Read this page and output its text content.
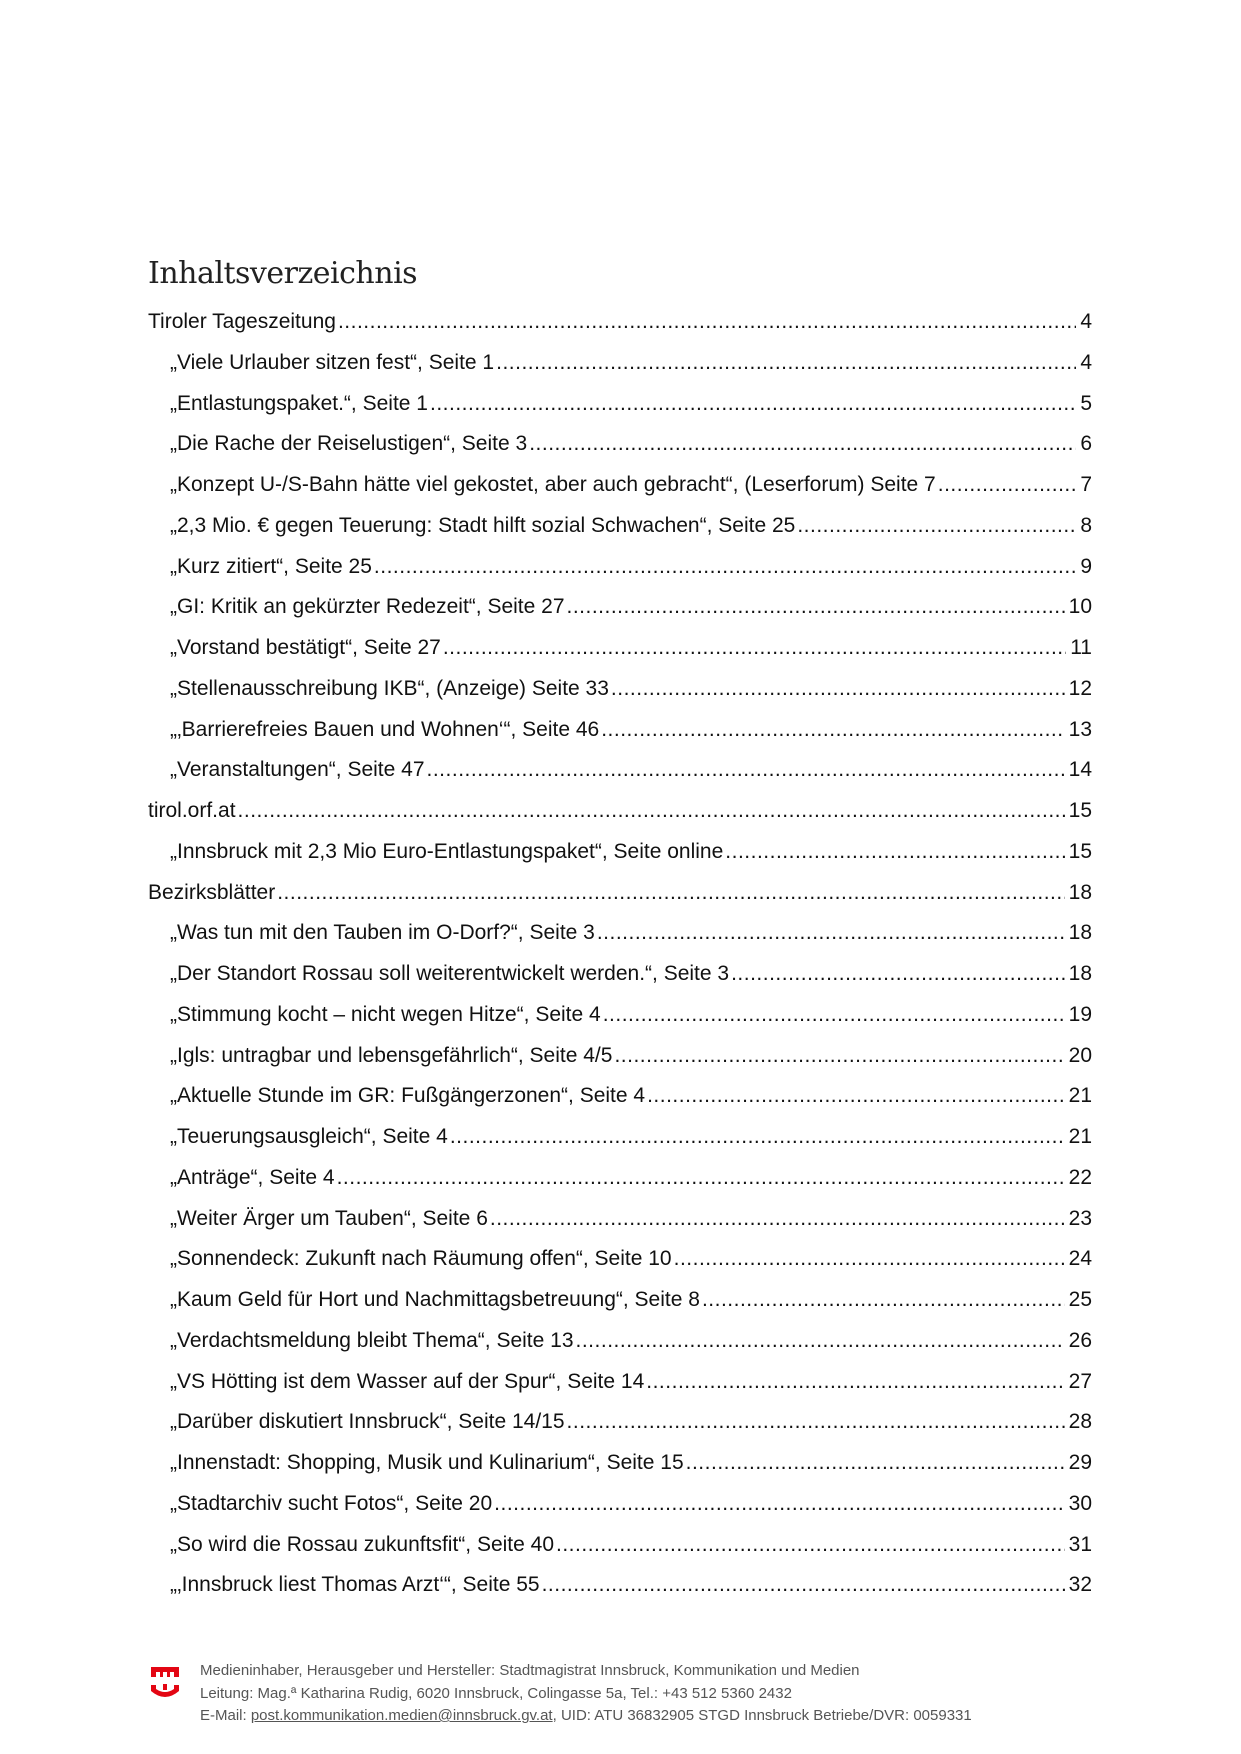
Inhaltsverzeichnis
Tiroler Tageszeitung .....	4
„Viele Urlauber sitzen fest“, Seite 1 .....	4
„Entlastungspaket.“, Seite 1 .....	5
„Die Rache der Reiselustigen“, Seite 3 .....	6
„Konzept U-/S-Bahn hätte viel gekostet, aber auch gebracht“, (Leserforum) Seite 7 .....	7
„2,3 Mio. € gegen Teuerung: Stadt hilft sozial Schwachen“, Seite 25 .....	8
„Kurz zitiert“, Seite 25 .....	9
„GI: Kritik an gekürzter Redezeit“, Seite 27 .....	10
„Vorstand bestätigt“, Seite 27 .....	11
„Stellenausschreibung IKB“, (Anzeige) Seite 33 .....	12
„‚Barrierefreies Bauen und Wohnen‘“, Seite 46 .....	13
„Veranstaltungen“, Seite 47 .....	14
tirol.orf.at .....	15
„Innsbruck mit 2,3 Mio Euro-Entlastungspaket“, Seite online .....	15
Bezirksblätter .....	18
„Was tun mit den Tauben im O-Dorf?“, Seite 3 .....	18
„Der Standort Rossau soll weiterentwickelt werden.“, Seite 3 .....	18
„Stimmung kocht – nicht wegen Hitze“, Seite 4 .....	19
„Igls: untragbar und lebensgefährlich“, Seite 4/5 .....	20
„Aktuelle Stunde im GR: Fußgängerzonen“, Seite 4 .....	21
„Teuerungsausgleich“, Seite 4 .....	21
„Anträge“, Seite 4 .....	22
„Weiter Ärger um Tauben“, Seite 6 .....	23
„Sonnendeck: Zukunft nach Räumung offen“, Seite 10 .....	24
„Kaum Geld für Hort und Nachmittagsbetreuung“, Seite 8 .....	25
„Verdachtsmeldung bleibt Thema“, Seite 13 .....	26
„VS Hötting ist dem Wasser auf der Spur“, Seite 14 .....	27
„Darüber diskutiert Innsbruck“, Seite 14/15 .....	28
„Innenstadt: Shopping, Musik und Kulinarium“, Seite 15 .....	29
„Stadtarchiv sucht Fotos“, Seite 20 .....	30
„So wird die Rossau zukunftsfit“, Seite 40 .....	31
„‚Innsbruck liest Thomas Arzt‘“, Seite 55 .....	32
Medieninhaber, Herausgeber und Hersteller: Stadtmagistrat Innsbruck, Kommunikation und Medien
Leitung: Mag.ª Katharina Rudig, 6020 Innsbruck, Colingasse 5a, Tel.: +43 512 5360 2432
E-Mail: post.kommunikation.medien@innsbruck.gv.at, UID: ATU 36832905 STGD Innsbruck Betriebe/DVR: 0059331
